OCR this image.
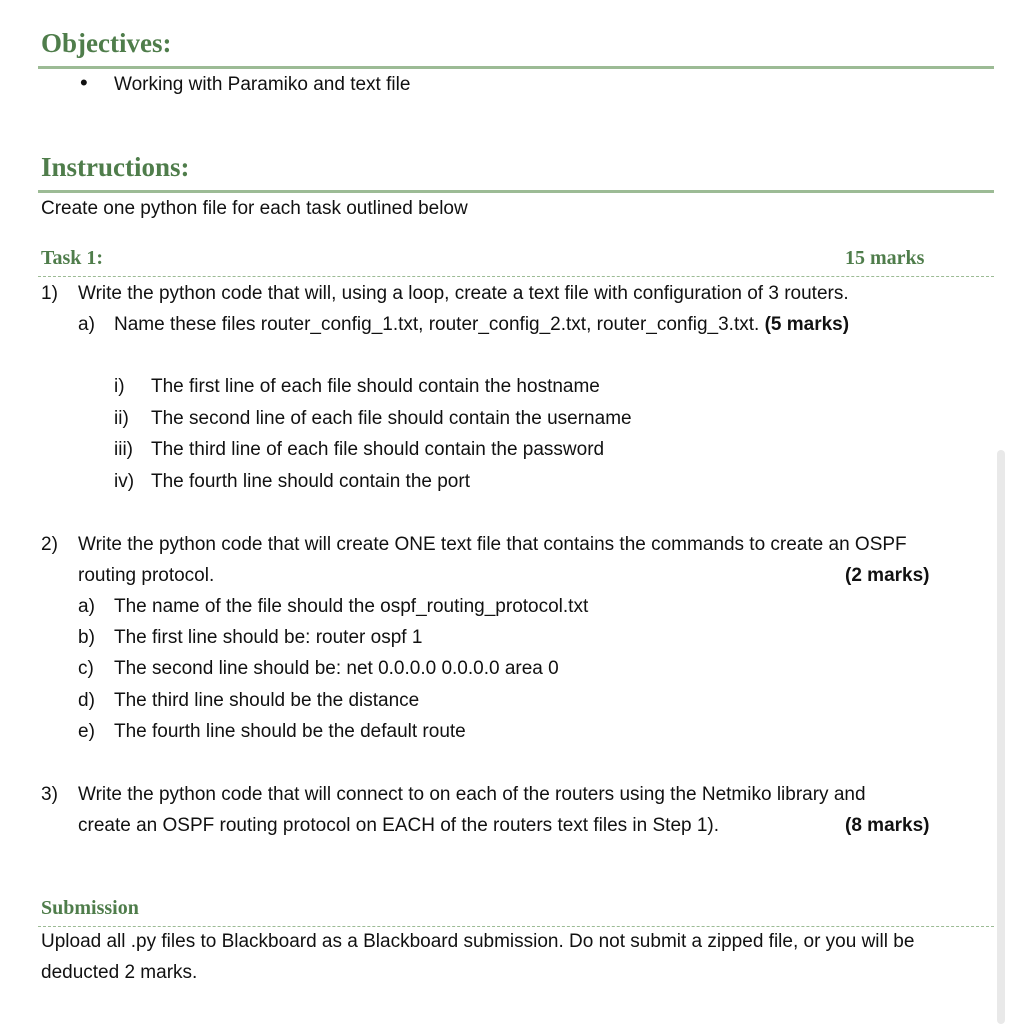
Objectives:
• Working with Paramiko and text file
Instructions:
Create one python file for each task outlined below
Task 1:	15 marks
1) Write the python code that will, using a loop, create a text file with configuration of 3 routers.
a) Name these files router_config_1.txt, router_config_2.txt, router_config_3.txt. (5 marks)
i) The first line of each file should contain the hostname
ii) The second line of each file should contain the username
iii) The third line of each file should contain the password
iv) The fourth line should contain the port
2) Write the python code that will create ONE text file that contains the commands to create an OSPF
routing protocol.	(2 marks)
a) The name of the file should the ospf_routing_protocol.txt
b) The first line should be: router ospf 1
c) The second line should be: net 0.0.0.0 0.0.0.0 area 0
d) The third line should be the distance
e) The fourth line should be the default route
3) Write the python code that will connect to on each of the routers using the Netmiko library and
create an OSPF routing protocol on EACH of the routers text files in Step 1).	(8 marks)
Submission
Upload all .py files to Blackboard as a Blackboard submission. Do not submit a zipped file, or you will be
deducted 2 marks.
